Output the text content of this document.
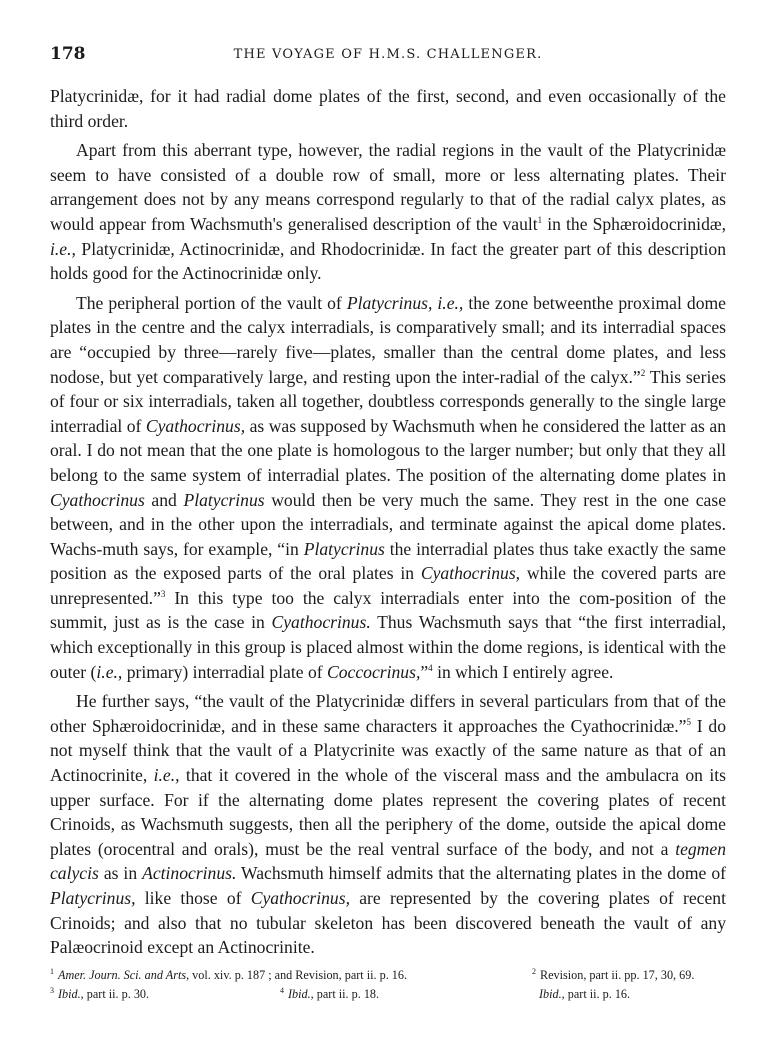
178	THE VOYAGE OF H.M.S. CHALLENGER.

Platycrinidæ, for it had radial dome plates of the first, second, and even occasionally of the third order.

Apart from this aberrant type, however, the radial regions in the vault of the Platycrinidæ seem to have consisted of a double row of small, more or less alternating plates. Their arrangement does not by any means correspond regularly to that of the radial calyx plates, as would appear from Wachsmuth's generalised description of the vault$^1$ in the Sphæroidocrinidæ, i.e., Platycrinidæ, Actinocrinidæ, and Rhodocrinidæ. In fact the greater part of this description holds good for the Actinocrinidæ only.

The peripheral portion of the vault of Platycrinus, i.e., the zone betweenthe proximal dome plates in the centre and the calyx interradials, is comparatively small; and its interradial spaces are “occupied by three—rarely five—plates, smaller than the central dome plates, and less nodose, but yet comparatively large, and resting upon the inter-radial of the calyx.”$^2$ This series of four or six interradials, taken all together, doubtless corresponds generally to the single large interradial of Cyathocrinus, as was supposed by Wachsmuth when he considered the latter as an oral. I do not mean that the one plate is homologous to the larger number; but only that they all belong to the same system of interradial plates. The position of the alternating dome plates in Cyathocrinus and Platycrinus would then be very much the same. They rest in the one case between, and in the other upon the interradials, and terminate against the apical dome plates. Wachs-muth says, for example, “in Platycrinus the interradial plates thus take exactly the same position as the exposed parts of the oral plates in Cyathocrinus, while the covered parts are unrepresented.”$^3$ In this type too the calyx interradials enter into the com-position of the summit, just as is the case in Cyathocrinus. Thus Wachsmuth says that “the first interradial, which exceptionally in this group is placed almost within the dome regions, is identical with the outer (i.e., primary) interradial plate of Coccocrinus,”$^4$ in which I entirely agree.

He further says, “the vault of the Platycrinidæ differs in several particulars from that of the other Sphæroidocrinidæ, and in these same characters it approaches the Cyathocrinidæ.”$^5$ I do not myself think that the vault of a Platycrinite was exactly of the same nature as that of an Actinocrinite, i.e., that it covered in the whole of the visceral mass and the ambulacra on its upper surface. For if the alternating dome plates represent the covering plates of recent Crinoids, as Wachsmuth suggests, then all the periphery of the dome, outside the apical dome plates (orocentral and orals), must be the real ventral surface of the body, and not a tegmen calycis as in Actinocrinus. Wachsmuth himself admits that the alternating plates in the dome of Platycrinus, like those of Cyathocrinus, are represented by the covering plates of recent Crinoids; and also that no tubular skeleton has been discovered beneath the vault of any Palæocrinoid except an Actinocrinite.

$^1$ Amer. Journ. Sci. and Arts, vol. xiv. p. 187 ; and Revision, part ii. p. 16.	$^2$ Revision, part ii. pp. 17, 30, 69.
$^3$ Ibid., part ii. p. 30.	$^4$ Ibid., part ii. p. 18.	Ibid., part ii. p. 16.
